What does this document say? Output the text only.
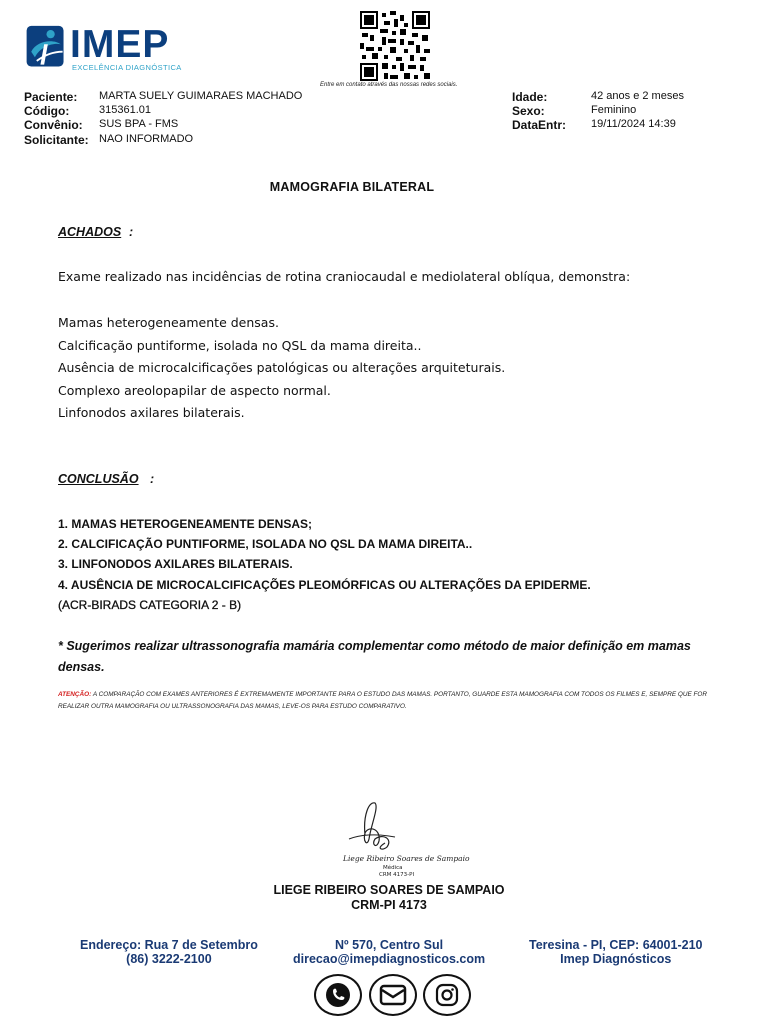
IMEP
EXCELÊNCIA DIAGNÓSTICA
Entre em contato através das nossas redes sociais.
Paciente: MARTA SUELY GUIMARAES MACHADO
Código:	315361.01
Convênio: SUS BPA - FMS
Solicitante: NAO INFORMADO
Idade:	42 anos e 2 meses
Sexo:	Feminino
DataEntr: 19/11/2024 14:39
MAMOGRAFIA BILATERAL
ACHADOS :
Exame realizado nas incidências de rotina craniocaudal e mediolateral oblíqua, demonstra:
Mamas heterogeneamente densas.
Calcificação puntiforme, isolada no QSL da mama direita..
Ausência de microcalcificações patológicas ou alterações arquiteturais.
Complexo areolopapilar de aspecto normal.
Linfonodos axilares bilaterais.
CONCLUSÃO :
1. MAMAS HETEROGENEAMENTE DENSAS;
2. CALCIFICAÇÃO PUNTIFORME, ISOLADA NO QSL DA MAMA DIREITA..
3. LINFONODOS AXILARES BILATERAIS.
4. AUSÊNCIA DE MICROCALCIFICAÇÕES PLEOMÓRFICAS OU ALTERAÇÕES DA EPIDERME.
(ACR-BIRADS CATEGORIA 2 - B)
* Sugerimos realizar ultrassonografia mamária complementar como método de maior definição em mamas densas.
ATENÇÃO: A COMPARAÇÃO COM EXAMES ANTERIORES É EXTREMAMENTE IMPORTANTE PARA O ESTUDO DAS MAMAS. PORTANTO, GUARDE ESTA MAMOGRAFIA COM TODOS OS FILMES E, SEMPRE QUE FOR REALIZAR OUTRA MAMOGRAFIA OU ULTRASSONOGRAFIA DAS MAMAS, LEVE-OS PARA ESTUDO COMPARATIVO.
Liege Ribeiro Soares de Sampaio
Médica
CRM 4173-PI
LIEGE RIBEIRO SOARES DE SAMPAIO
CRM-PI 4173
Endereço: Rua 7 de Setembro
(86) 3222-2100
Nº 570, Centro Sul
direcao@imepdiagnosticos.com
Teresina - PI, CEP: 64001-210
Imep Diagnósticos
